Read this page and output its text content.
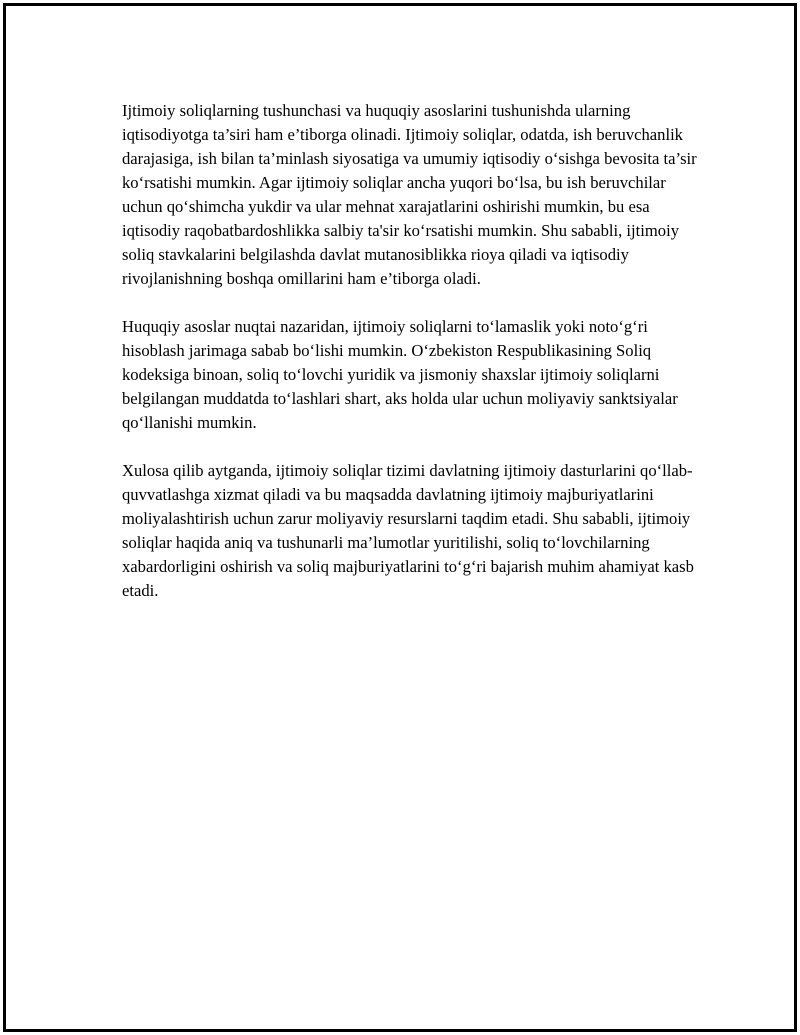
Ijtimoiy soliqlarning tushunchasi va huquqiy asoslarini tushunishda ularning iqtisodiyotga ta’siri ham e’tiborga olinadi. Ijtimoiy soliqlar, odatda, ish beruvchanlik darajasiga, ish bilan ta’minlash siyosatiga va umumiy iqtisodiy o‘sishga bevosita ta’sir ko‘rsatishi mumkin. Agar ijtimoiy soliqlar ancha yuqori bo‘lsa, bu ish beruvchilar uchun qo‘shimcha yukdir va ular mehnat xarajatlarini oshirishi mumkin, bu esa iqtisodiy raqobatbardoshlikka salbiy ta'sir ko‘rsatishi mumkin. Shu sababli, ijtimoiy soliq stavkalarini belgilashda davlat mutanosiblikka rioya qiladi va iqtisodiy rivojlanishning boshqa omillarini ham e’tiborga oladi.

Huquqiy asoslar nuqtai nazaridan, ijtimoiy soliqlarni to‘lamaslik yoki noto‘g‘ri hisoblash jarimaga sabab bo‘lishi mumkin. O‘zbekiston Respublikasining Soliq kodeksiga binoan, soliq to‘lovchi yuridik va jismoniy shaxslar ijtimoiy soliqlarni belgilangan muddatda to‘lashlari shart, aks holda ular uchun moliyaviy sanktsiyalar qo‘llanishi mumkin.

Xulosa qilib aytganda, ijtimoiy soliqlar tizimi davlatning ijtimoiy dasturlarini qo‘llab-quvvatlashga xizmat qiladi va bu maqsadda davlatning ijtimoiy majburiyatlarini moliyalashtirish uchun zarur moliyaviy resurslarni taqdim etadi. Shu sababli, ijtimoiy soliqlar haqida aniq va tushunarli ma’lumotlar yuritilishi, soliq to‘lovchilarning xabardorligini oshirish va soliq majburiyatlarini to‘g‘ri bajarish muhim ahamiyat kasb etadi.
